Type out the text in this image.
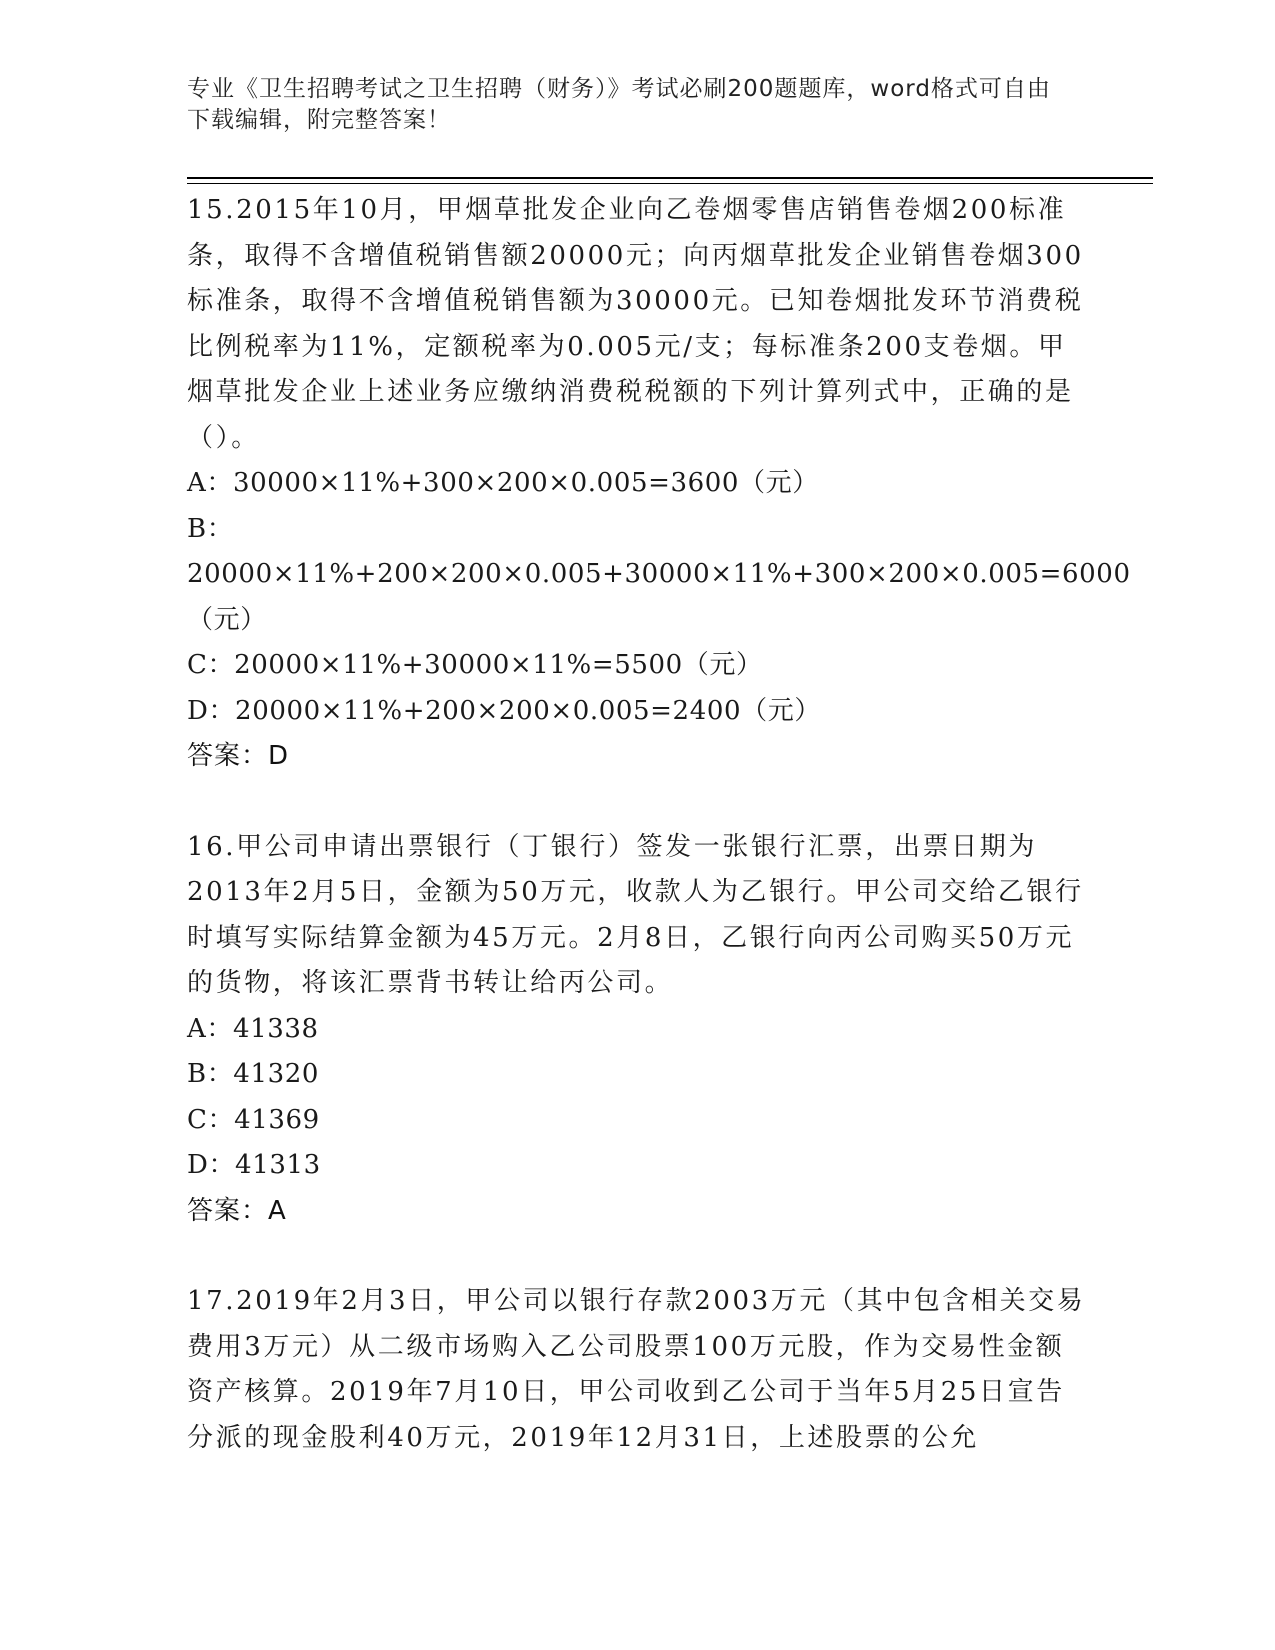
专业《卫生招聘考试之卫生招聘（财务）》考试必刷200题题库，word格式可自由下载编辑，附完整答案！

15.2015年10月，甲烟草批发企业向乙卷烟零售店销售卷烟200标准条，取得不含增值税销售额20000元；向丙烟草批发企业销售卷烟300标准条，取得不含增值税销售额为30000元。已知卷烟批发环节消费税比例税率为11%，定额税率为0.005元/支；每标准条200支卷烟。甲烟草批发企业上述业务应缴纳消费税税额的下列计算列式中，正确的是（）。

A：30000×11%+300×200×0.005=3600（元）

B：20000×11%+200×200×0.005+30000×11%+300×200×0.005=6000（元）

C：20000×11%+30000×11%=5500（元）

D：20000×11%+200×200×0.005=2400（元）

答案：D

16.甲公司申请出票银行（丁银行）签发一张银行汇票，出票日期为2013年2月5日，金额为50万元，收款人为乙银行。甲公司交给乙银行时填写实际结算金额为45万元。2月8日，乙银行向丙公司购买50万元的货物，将该汇票背书转让给丙公司。

A：41338

B：41320

C：41369

D：41313

答案：A

17.2019年2月3日，甲公司以银行存款2003万元（其中包含相关交易费用3万元）从二级市场购入乙公司股票100万元股，作为交易性金额资产核算。2019年7月10日，甲公司收到乙公司于当年5月25日宣告分派的现金股利40万元，2019年12月31日，上述股票的公允
